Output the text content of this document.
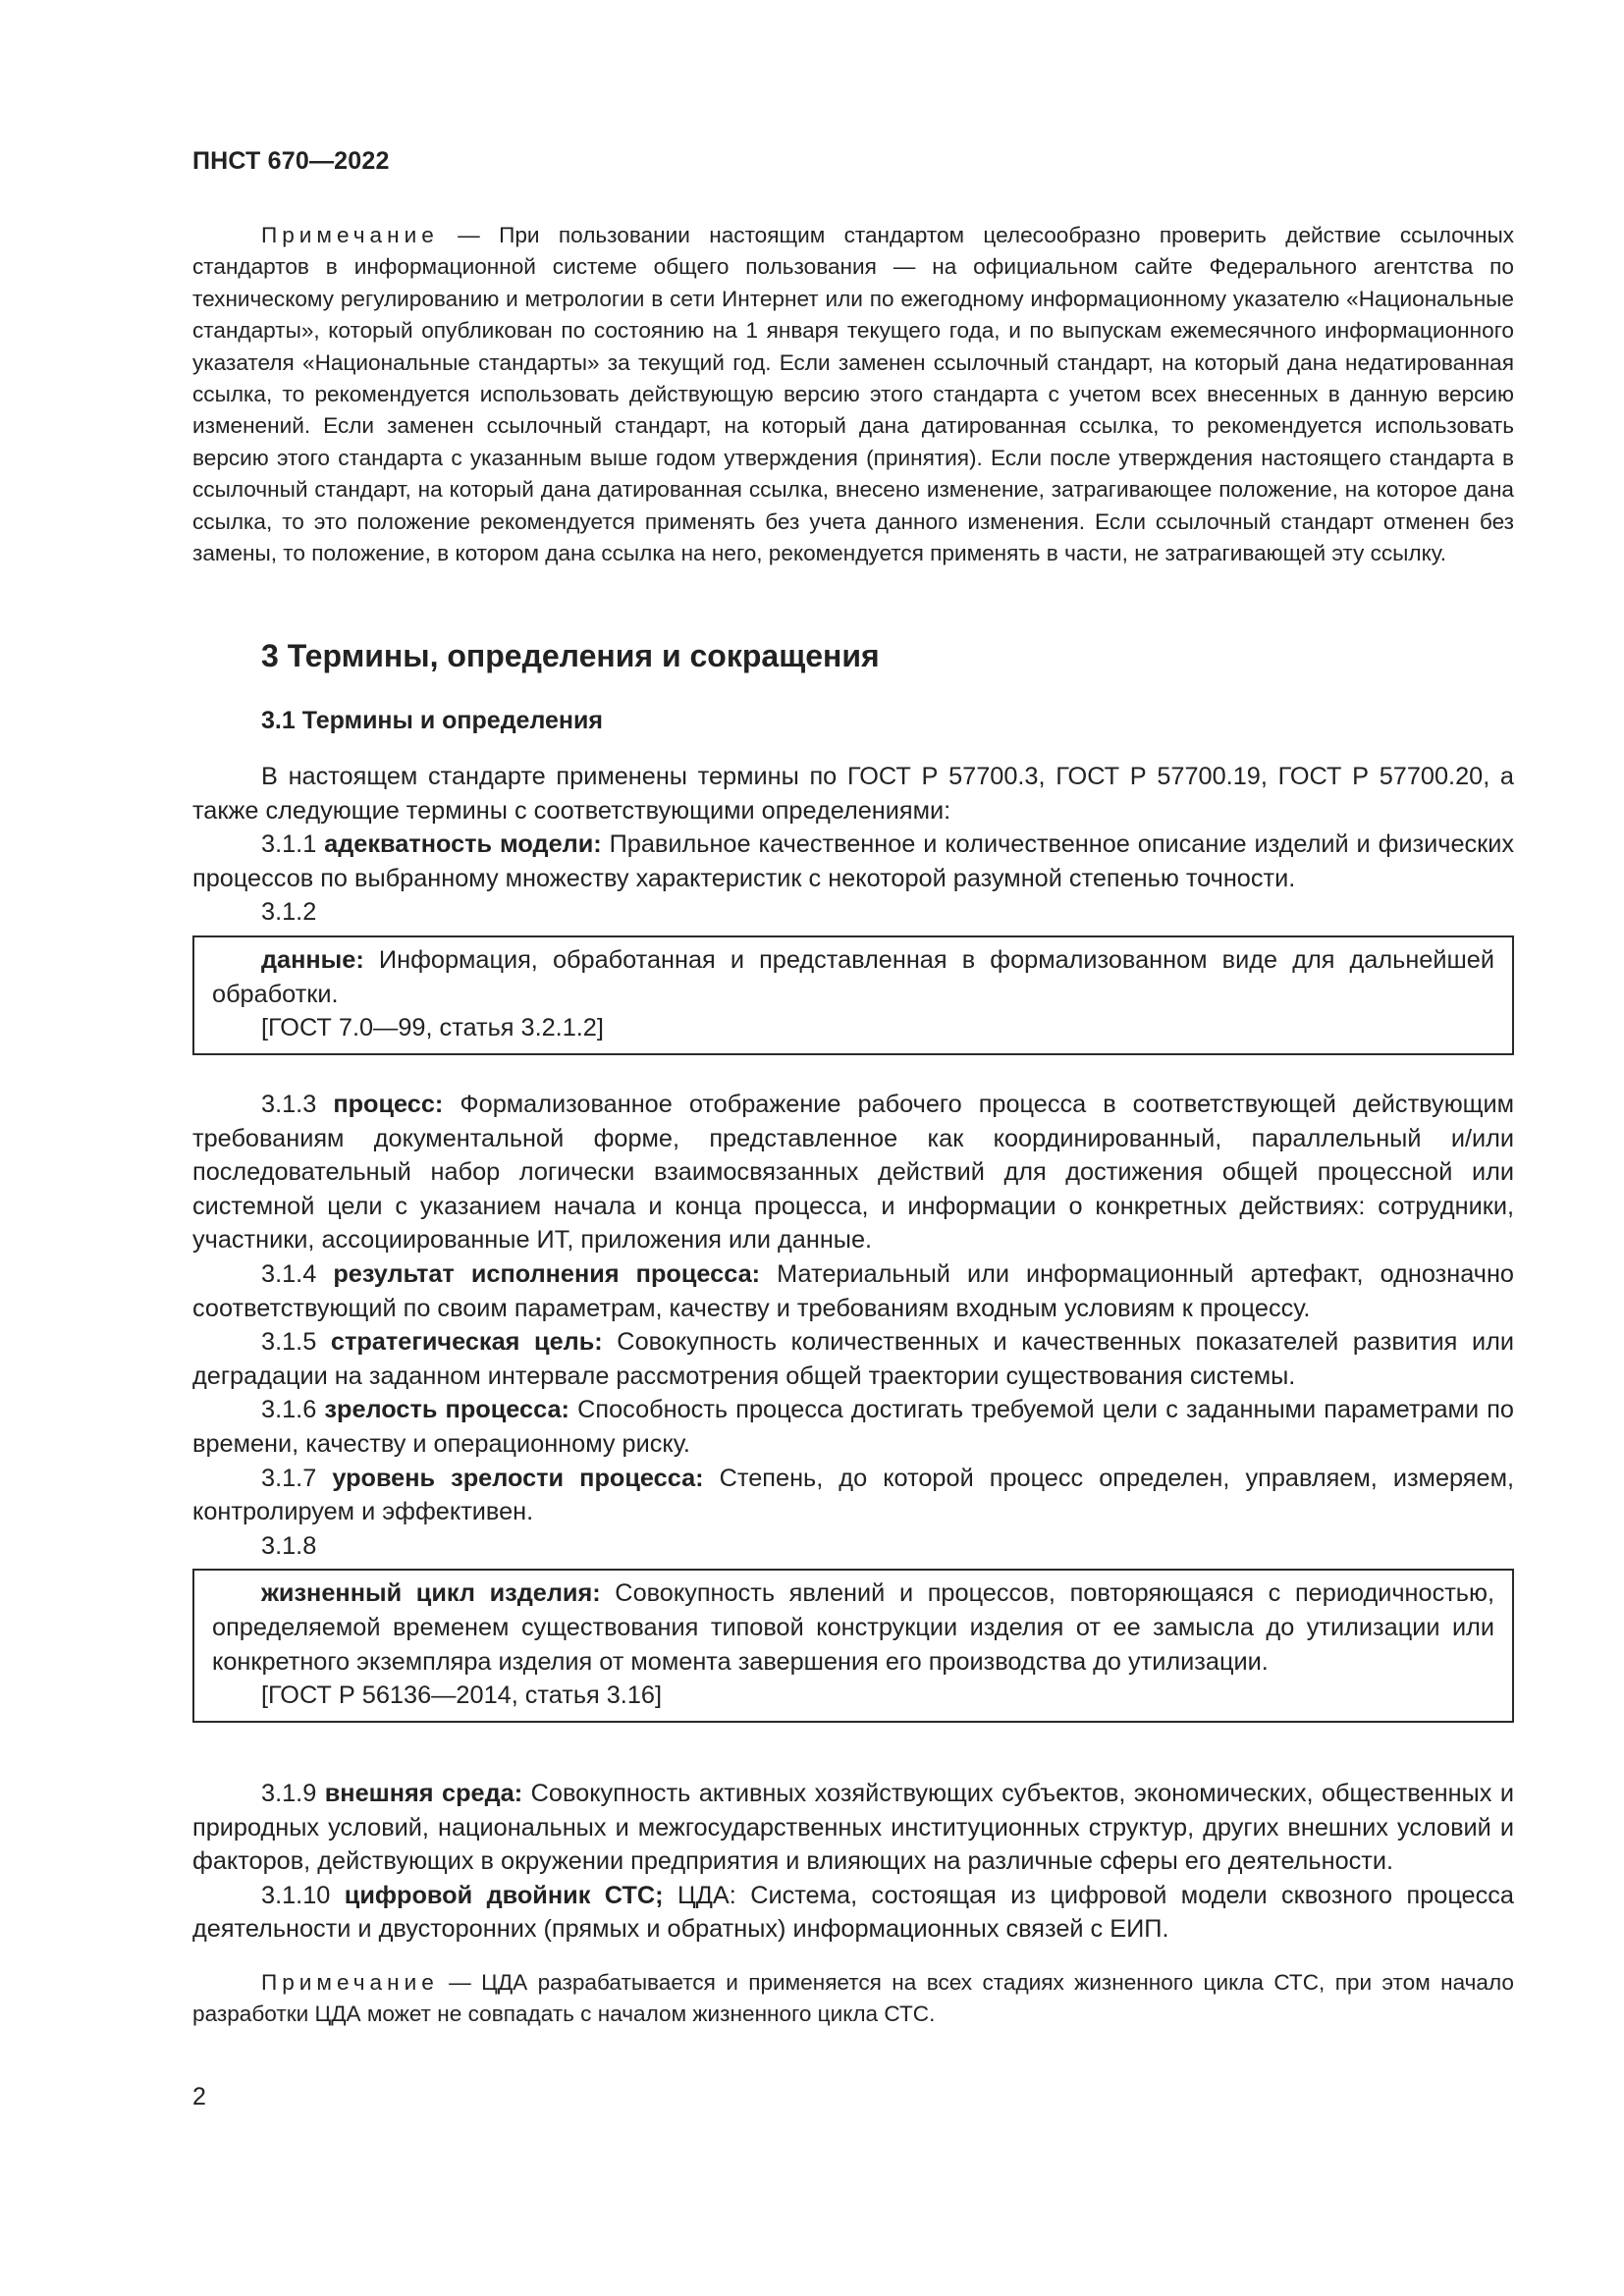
ПНСТ 670—2022

Примечание — При пользовании настоящим стандартом целесообразно проверить действие ссылочных стандартов в информационной системе общего пользования — на официальном сайте Федерального агентства по техническому регулированию и метрологии в сети Интернет или по ежегодному информационному указателю «Национальные стандарты», который опубликован по состоянию на 1 января текущего года, и по выпускам ежемесячного информационного указателя «Национальные стандарты» за текущий год. Если заменен ссылочный стандарт, на который дана недатированная ссылка, то рекомендуется использовать действующую версию этого стандарта с учетом всех внесенных в данную версию изменений. Если заменен ссылочный стандарт, на который дана датированная ссылка, то рекомендуется использовать версию этого стандарта с указанным выше годом утверждения (принятия). Если после утверждения настоящего стандарта в ссылочный стандарт, на который дана датированная ссылка, внесено изменение, затрагивающее положение, на которое дана ссылка, то это положение рекомендуется применять без учета данного изменения. Если ссылочный стандарт отменен без замены, то положение, в котором дана ссылка на него, рекомендуется применять в части, не затрагивающей эту ссылку.

3 Термины, определения и сокращения
3.1 Термины и определения

В настоящем стандарте применены термины по ГОСТ Р 57700.3, ГОСТ Р 57700.19, ГОСТ Р 57700.20, а также следующие термины с соответствующими определениями:

3.1.1 адекватность модели: Правильное качественное и количественное описание изделий и физических процессов по выбранному множеству характеристик с некоторой разумной степенью точности.

3.1.2

данные: Информация, обработанная и представленная в формализованном виде для дальнейшей обработки.

[ГОСТ 7.0—99, статья 3.2.1.2]

3.1.3 процесс: Формализованное отображение рабочего процесса в соответствующей действующим требованиям документальной форме, представленное как координированный, параллельный и/или последовательный набор логически взаимосвязанных действий для достижения общей процессной или системной цели с указанием начала и конца процесса, и информации о конкретных действиях: сотрудники, участники, ассоциированные ИТ, приложения или данные.

3.1.4 результат исполнения процесса: Материальный или информационный артефакт, однозначно соответствующий по своим параметрам, качеству и требованиям входным условиям к процессу.

3.1.5 стратегическая цель: Совокупность количественных и качественных показателей развития или деградации на заданном интервале рассмотрения общей траектории существования системы.

3.1.6 зрелость процесса: Способность процесса достигать требуемой цели с заданными параметрами по времени, качеству и операционному риску.

3.1.7 уровень зрелости процесса: Степень, до которой процесс определен, управляем, измеряем, контролируем и эффективен.

3.1.8

жизненный цикл изделия: Совокупность явлений и процессов, повторяющаяся с периодичностью, определяемой временем существования типовой конструкции изделия от ее замысла до утилизации или конкретного экземпляра изделия от момента завершения его производства до утилизации.

[ГОСТ Р 56136—2014, статья 3.16]

3.1.9 внешняя среда: Совокупность активных хозяйствующих субъектов, экономических, общественных и природных условий, национальных и межгосударственных институционных структур, других внешних условий и факторов, действующих в окружении предприятия и влияющих на различные сферы его деятельности.

3.1.10 цифровой двойник СТС; ЦДА: Система, состоящая из цифровой модели сквозного процесса деятельности и двусторонних (прямых и обратных) информационных связей с ЕИП.

Примечание — ЦДА разрабатывается и применяется на всех стадиях жизненного цикла СТС, при этом начало разработки ЦДА может не совпадать с началом жизненного цикла СТС.

2
